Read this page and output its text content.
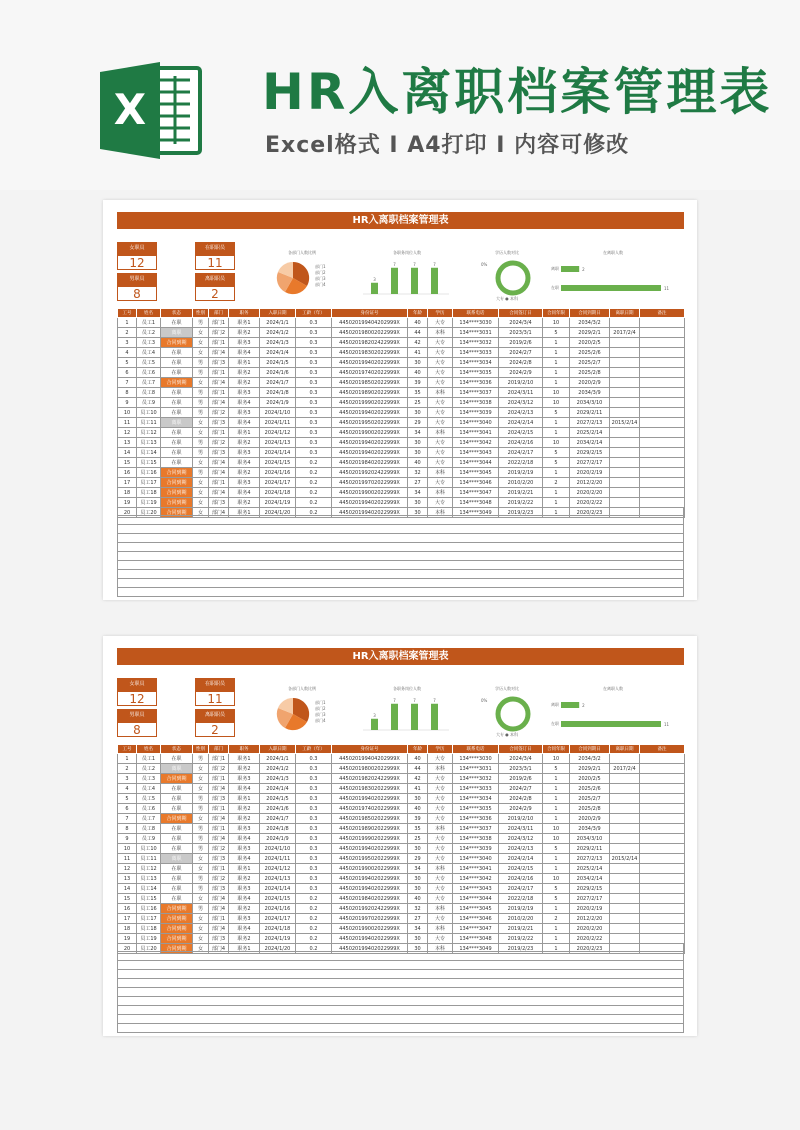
X HR入离职档案管理表
Excel格式 I A4打印 I 内容可修改
HR入离职档案管理表
女职员
12
男职员
8
在职职员
11
离职职员
2
各部门人数比例
部门1
部门2
部门3
部门4
各职务岗位人数
3
7	7	7
学历人数对比
0%
大专 ● 本科
在离职人数
离职
在职
2
11
工号	姓名	状态	性别	部门	职务	入职日期	工龄（年）	身份证号	年龄	学历	联系电话	合同签订日	合同年限	合同到期日	离职日期	备注
1	员工1	在职	男	部门1	职务1	2024/1/1	0.3	445020199404202999X	40	大专	134****3030	2024/3/4	10	2034/3/2		
2	员工2	离职	女	部门2	职务2	2024/1/2	0.3	445020198002022999X	44	本科	134****3031	2023/3/1	5	2029/2/1	2017/2/4	
3	员工3	合同到期	女	部门1	职务3	2024/1/3	0.3	445020198202422999X	42	大专	134****3032	2019/2/6	1	2020/2/5		
4	员工4	在职	女	部门4	职务4	2024/1/4	0.3	445020198302022999X	41	大专	134****3033	2024/2/7	1	2025/2/6		
5	员工5	在职	男	部门3	职务1	2024/1/5	0.3	445020199402022999X	30	大专	134****3034	2024/2/8	1	2025/2/7		
6	员工6	在职	男	部门1	职务2	2024/1/6	0.3	445020197402022999X	40	大专	134****3035	2024/2/9	1	2025/2/8		
7	员工7	合同到期	女	部门4	职务2	2024/1/7	0.3	445020198502022999X	39	大专	134****3036	2019/2/10	1	2020/2/9		
8	员工8	在职	男	部门1	职务3	2024/1/8	0.3	445020198902022999X	35	本科	134****3037	2024/3/11	10	2034/3/9		
9	员工9	在职	男	部门4	职务4	2024/1/9	0.3	445020199902022999X	25	大专	134****3038	2024/3/12	10	2034/3/10		
10	员工10	在职	男	部门2	职务3	2024/1/10	0.3	445020199402022999X	30	大专	134****3039	2024/2/13	5	2029/2/11		
11	员工11	离职	女	部门3	职务4	2024/1/11	0.3	445020199502022999X	29	大专	134****3040	2024/2/14	1	2027/2/13	2015/2/14	
12	员工12	在职	女	部门1	职务1	2024/1/12	0.3	445020199002022999X	34	本科	134****3041	2024/2/15	1	2025/2/14		
13	员工13	在职	男	部门2	职务2	2024/1/13	0.3	445020199402022999X	30	大专	134****3042	2024/2/16	10	2034/2/14		
14	员工14	在职	男	部门3	职务3	2024/1/14	0.3	445020199402022999X	30	大专	134****3043	2024/2/17	5	2029/2/15		
15	员工15	在职	女	部门4	职务4	2024/1/15	0.2	445020198402022999X	40	大专	134****3044	2022/2/18	5	2027/2/17		
16	员工16	合同到期	男	部门4	职务2	2024/1/16	0.2	445020199202422999X	32	本科	134****3045	2019/2/19	1	2020/2/19		
17	员工17	合同到期	女	部门1	职务3	2024/1/17	0.2	445020199702022999X	27	大专	134****3046	2010/2/20	2	2012/2/20		
18	员工18	合同到期	女	部门4	职务4	2024/1/18	0.2	445020199002022999X	34	本科	134****3047	2019/2/21	1	2020/2/20		
19	员工19	合同到期	女	部门3	职务2	2024/1/19	0.2	445020199402022999X	30	大专	134****3048	2019/2/22	1	2020/2/22		
20	员工20	合同到期	女	部门4	职务1	2024/1/20	0.2	445020199402022999X	30	本科	134****3049	2019/2/23	1	2020/2/23		
HR入离职档案管理表
女职员
12
男职员
8
在职职员
11
离职职员
2
各部门人数比例
部门1
部门2
部门3
部门4
各职务岗位人数
3
7	7	7
学历人数对比
0%
大专 ● 本科
在离职人数
离职
在职
2
11
工号	姓名	状态	性别	部门	职务	入职日期	工龄（年）	身份证号	年龄	学历	联系电话	合同签订日	合同年限	合同到期日	离职日期	备注
1	员工1	在职	男	部门1	职务1	2024/1/1	0.3	445020199404202999X	40	大专	134****3030	2024/3/4	10	2034/3/2		
2	员工2	离职	女	部门2	职务2	2024/1/2	0.3	445020198002022999X	44	本科	134****3031	2023/3/1	5	2029/2/1	2017/2/4	
3	员工3	合同到期	女	部门1	职务3	2024/1/3	0.3	445020198202422999X	42	大专	134****3032	2019/2/6	1	2020/2/5		
4	员工4	在职	女	部门4	职务4	2024/1/4	0.3	445020198302022999X	41	大专	134****3033	2024/2/7	1	2025/2/6		
5	员工5	在职	男	部门3	职务1	2024/1/5	0.3	445020199402022999X	30	大专	134****3034	2024/2/8	1	2025/2/7		
6	员工6	在职	男	部门1	职务2	2024/1/6	0.3	445020197402022999X	40	大专	134****3035	2024/2/9	1	2025/2/8		
7	员工7	合同到期	女	部门4	职务2	2024/1/7	0.3	445020198502022999X	39	大专	134****3036	2019/2/10	1	2020/2/9		
8	员工8	在职	男	部门1	职务3	2024/1/8	0.3	445020198902022999X	35	本科	134****3037	2024/3/11	10	2034/3/9		
9	员工9	在职	男	部门4	职务4	2024/1/9	0.3	445020199902022999X	25	大专	134****3038	2024/3/12	10	2034/3/10		
10	员工10	在职	男	部门2	职务3	2024/1/10	0.3	445020199402022999X	30	大专	134****3039	2024/2/13	5	2029/2/11		
11	员工11	离职	女	部门3	职务4	2024/1/11	0.3	445020199502022999X	29	大专	134****3040	2024/2/14	1	2027/2/13	2015/2/14	
12	员工12	在职	女	部门1	职务1	2024/1/12	0.3	445020199002022999X	34	本科	134****3041	2024/2/15	1	2025/2/14		
13	员工13	在职	男	部门2	职务2	2024/1/13	0.3	445020199402022999X	30	大专	134****3042	2024/2/16	10	2034/2/14		
14	员工14	在职	男	部门3	职务3	2024/1/14	0.3	445020199402022999X	30	大专	134****3043	2024/2/17	5	2029/2/15		
15	员工15	在职	女	部门4	职务4	2024/1/15	0.2	445020198402022999X	40	大专	134****3044	2022/2/18	5	2027/2/17		
16	员工16	合同到期	男	部门4	职务2	2024/1/16	0.2	445020199202422999X	32	本科	134****3045	2019/2/19	1	2020/2/19		
17	员工17	合同到期	女	部门1	职务3	2024/1/17	0.2	445020199702022999X	27	大专	134****3046	2010/2/20	2	2012/2/20		
18	员工18	合同到期	女	部门4	职务4	2024/1/18	0.2	445020199002022999X	34	本科	134****3047	2019/2/21	1	2020/2/20		
19	员工19	合同到期	女	部门3	职务2	2024/1/19	0.2	445020199402022999X	30	大专	134****3048	2019/2/22	1	2020/2/22		
20	员工20	合同到期	女	部门4	职务1	2024/1/20	0.2	445020199402022999X	30	本科	134****3049	2019/2/23	1	2020/2/23		
